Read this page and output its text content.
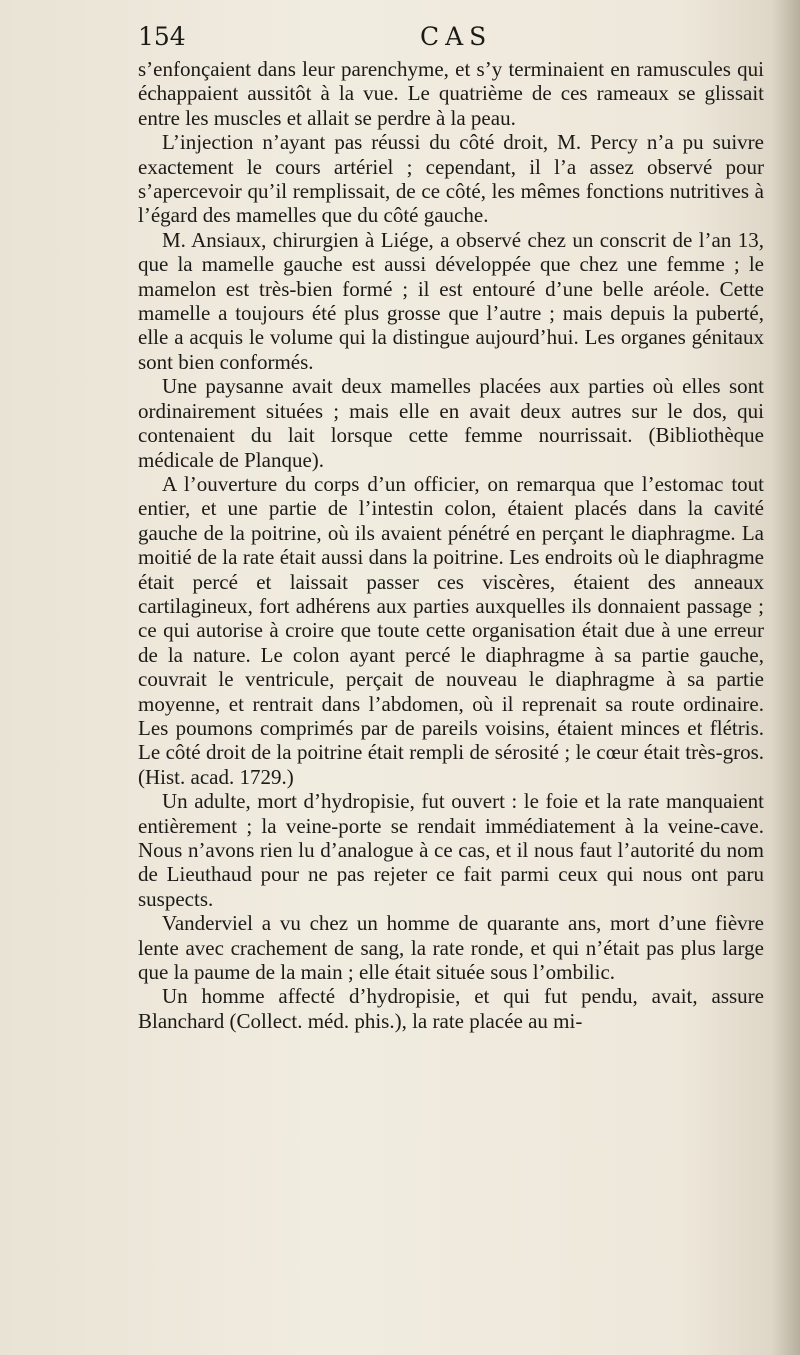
154	CAS

s’enfonçaient dans leur parenchyme, et s’y terminaient en ramuscules qui échappaient aussitôt à la vue. Le quatrième de ces rameaux se glissait entre les muscles et allait se perdre à la peau.

L’injection n’ayant pas réussi du côté droit, M. Percy n’a pu suivre exactement le cours artériel ; cependant, il l’a assez observé pour s’apercevoir qu’il remplissait, de ce côté, les mêmes fonctions nutritives à l’égard des mamelles que du côté gauche.

M. Ansiaux, chirurgien à Liége, a observé chez un conscrit de l’an 13, que la mamelle gauche est aussi développée que chez une femme ; le mamelon est très-bien formé ; il est entouré d’une belle aréole. Cette mamelle a toujours été plus grosse que l’autre ; mais depuis la puberté, elle a acquis le volume qui la distingue aujourd’hui. Les organes génitaux sont bien conformés.

Une paysanne avait deux mamelles placées aux parties où elles sont ordinairement situées ; mais elle en avait deux autres sur le dos, qui contenaient du lait lorsque cette femme nourrissait. (Bibliothèque médicale de Planque).

A l’ouverture du corps d’un officier, on remarqua que l’estomac tout entier, et une partie de l’intestin colon, étaient placés dans la cavité gauche de la poitrine, où ils avaient pénétré en perçant le diaphragme. La moitié de la rate était aussi dans la poitrine. Les endroits où le diaphragme était percé et laissait passer ces viscères, étaient des anneaux cartilagineux, fort adhérens aux parties auxquelles ils donnaient passage ; ce qui autorise à croire que toute cette organisation était due à une erreur de la nature. Le colon ayant percé le diaphragme à sa partie gauche, couvrait le ventricule, perçait de nouveau le diaphragme à sa partie moyenne, et rentrait dans l’abdomen, où il reprenait sa route ordinaire. Les poumons comprimés par de pareils voisins, étaient minces et flétris. Le côté droit de la poitrine était rempli de sérosité ; le cœur était très-gros. (Hist. acad. 1729.)

Un adulte, mort d’hydropisie, fut ouvert : le foie et la rate manquaient entièrement ; la veine-porte se rendait immédiatement à la veine-cave. Nous n’avons rien lu d’analogue à ce cas, et il nous faut l’autorité du nom de Lieuthaud pour ne pas rejeter ce fait parmi ceux qui nous ont paru suspects.

Vanderviel a vu chez un homme de quarante ans, mort d’une fièvre lente avec crachement de sang, la rate ronde, et qui n’était pas plus large que la paume de la main ; elle était située sous l’ombilic.

Un homme affecté d’hydropisie, et qui fut pendu, avait, assure Blanchard (Collect. méd. phis.), la rate placée au mi-
